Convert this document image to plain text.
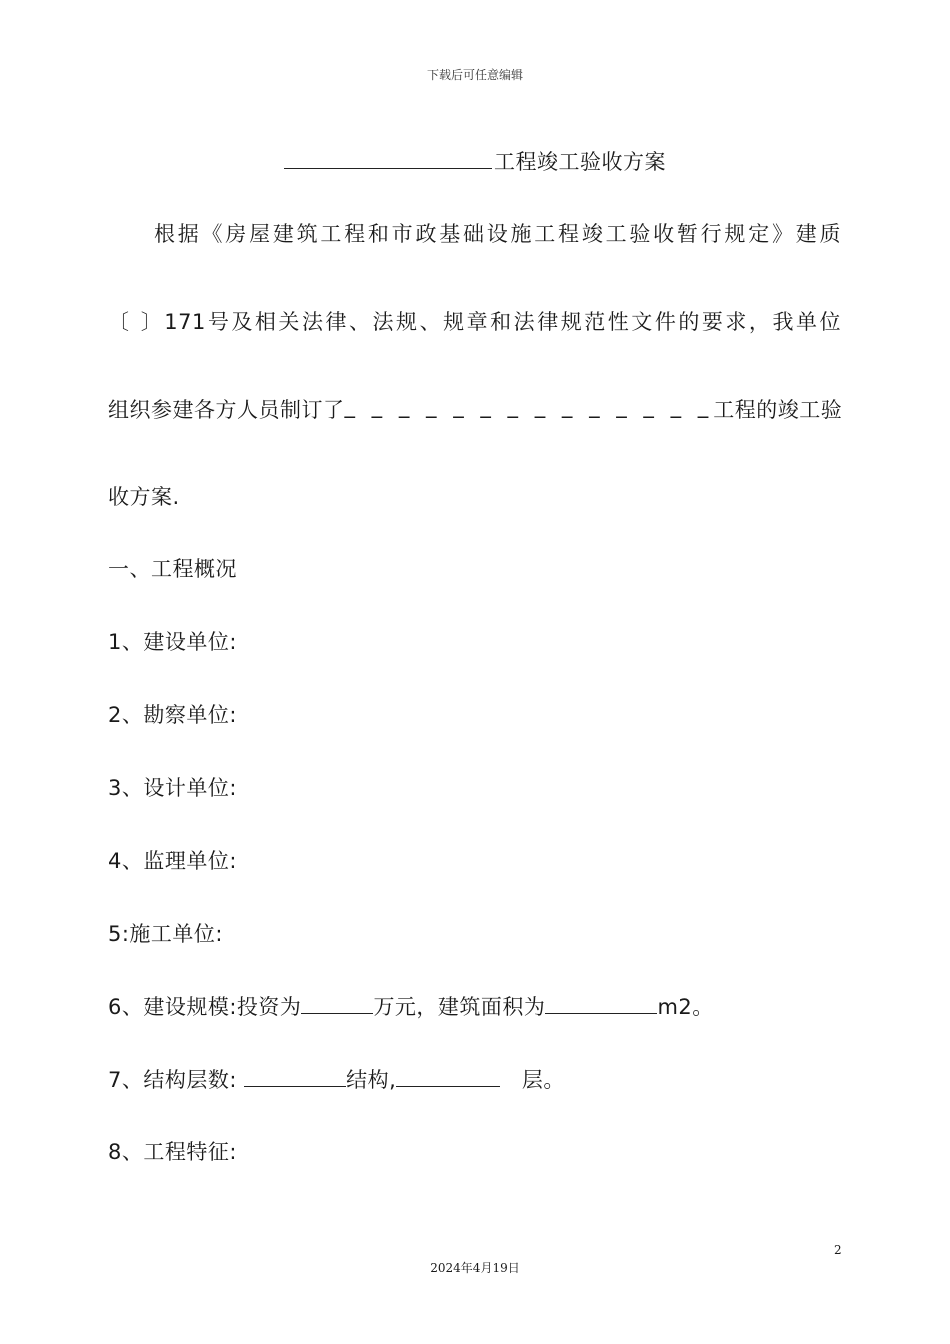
下载后可任意编辑
工程竣工验收方案
根据《房屋建筑工程和市政基础设施工程竣工验收暂行规定》建质
〔 〕171号及相关法律、法规、规章和法律规范性文件的要求，我单位
组织参建各方人员制订了 _ _ _ _ _ _ _ _ _ _ _ _ _ _ 工程的竣工验
收方案.
一、工程概况
1、建设单位:
2、勘察单位:
3、设计单位:
4、监理单位:
5:施工单位:
6、建设规模:投资为	万元，建筑面积为	m2。
7、结构层数:	结构,	层。
8、工程特征:
2
2024年4月19日
